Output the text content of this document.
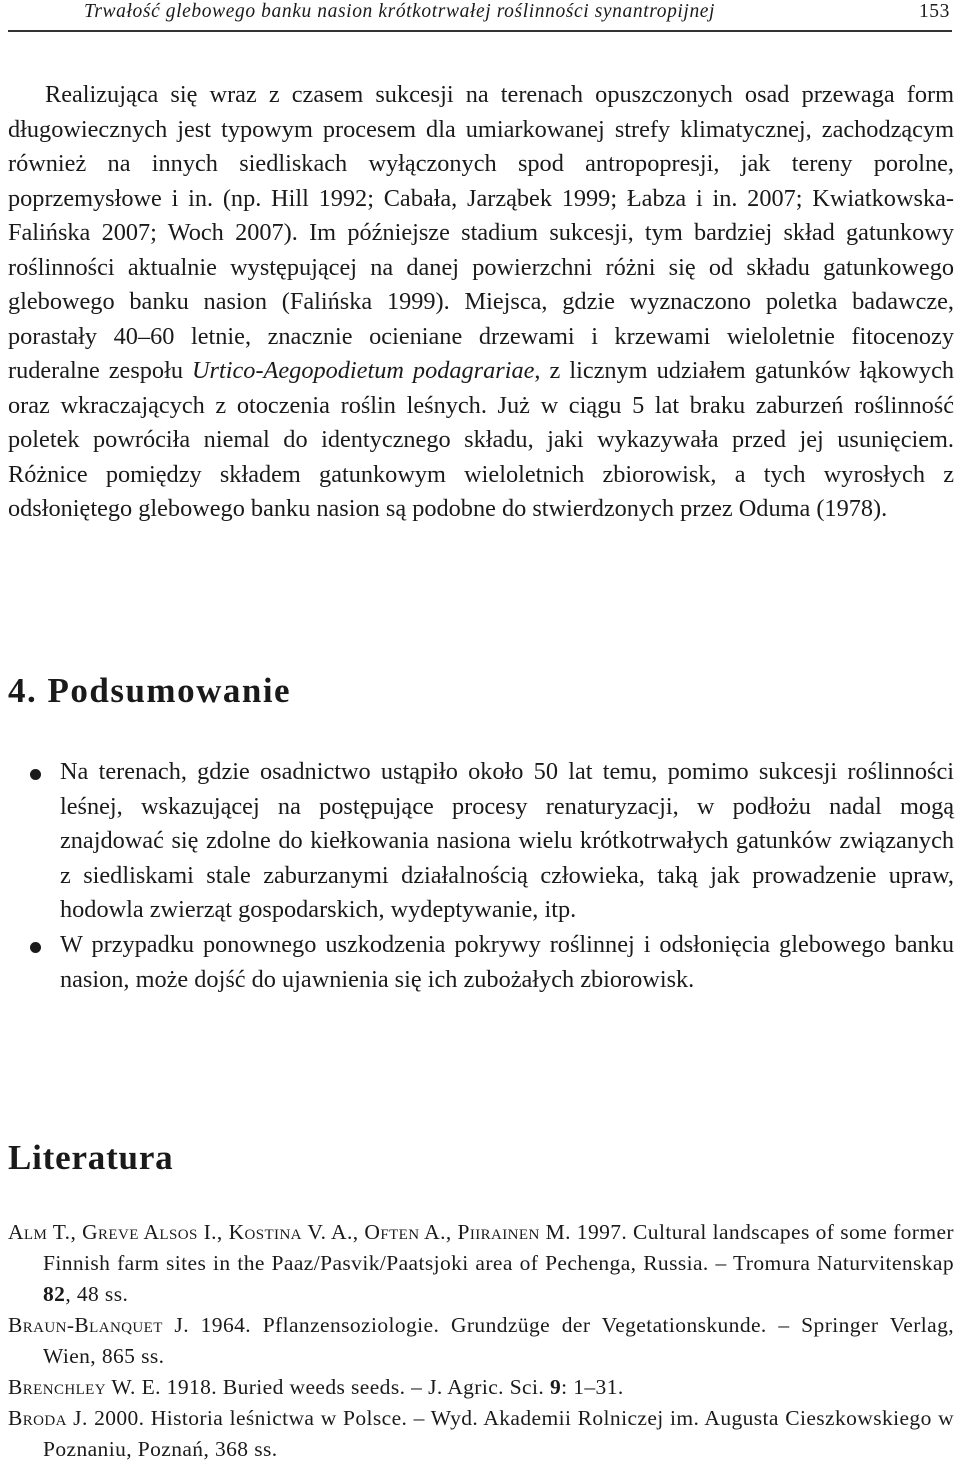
Trwałość glebowego banku nasion krótkotrwałej roślinności synantropijnej	153

Realizująca się wraz z czasem sukcesji na terenach opuszczonych osad przewaga form długowiecznych jest typowym procesem dla umiarkowanej strefy klimatycznej, zachodzącym również na innych siedliskach wyłączonych spod antropopresji, jak tereny porolne, poprzemysłowe i in. (np. Hill 1992; Cabała, Jarząbek 1999; Łabza i in. 2007; Kwiatkowska-Falińska 2007; Woch 2007). Im późniejsze stadium sukcesji, tym bardziej skład gatunkowy roślinności aktualnie występującej na danej powierzchni różni się od składu gatunkowego glebowego banku nasion (Falińska 1999). Miejsca, gdzie wyznaczono poletka badawcze, porastały 40–60 letnie, znacznie ocieniane drzewami i krzewami wieloletnie fitocenozy ruderalne zespołu Urtico-Aegopodietum podagrariae, z licznym udziałem gatunków łąkowych oraz wkraczających z otoczenia roślin leśnych. Już w ciągu 5 lat braku zaburzeń roślinność poletek powróciła niemal do identycznego składu, jaki wykazywała przed jej usunięciem. Różnice pomiędzy składem gatunkowym wieloletnich zbiorowisk, a tych wyrosłych z odsłoniętego glebowego banku nasion są podobne do stwierdzonych przez Oduma (1978).

4. Podsumowanie
Na terenach, gdzie osadnictwo ustąpiło około 50 lat temu, pomimo sukcesji roślinności leśnej, wskazującej na postępujące procesy renaturyzacji, w podłożu nadal mogą znajdować się zdolne do kiełkowania nasiona wielu krótkotrwałych gatunków związanych z siedliskami stale zaburzanymi działalnością człowieka, taką jak prowadzenie upraw, hodowla zwierząt gospodarskich, wydeptywanie, itp.
W przypadku ponownego uszkodzenia pokrywy roślinnej i odsłonięcia glebowego banku nasion, może dojść do ujawnienia się ich zubożałych zbiorowisk.
Literatura
Alm T., Greve Alsos I., Kostina V. A., Often A., Piirainen M. 1997. Cultural landscapes of some former Finnish farm sites in the Paaz/Pasvik/Paatsjoki area of Pechenga, Russia. – Tromura Naturvitenskap 82, 48 ss.
Braun-Blanquet J. 1964. Pflanzensoziologie. Grundzüge der Vegetationskunde. – Springer Verlag, Wien, 865 ss.
Brenchley W. E. 1918. Buried weeds seeds. – J. Agric. Sci. 9: 1–31.
Broda J. 2000. Historia leśnictwa w Polsce. – Wyd. Akademii Rolniczej im. Augusta Cieszkowskiego w Poznaniu, Poznań, 368 ss.
